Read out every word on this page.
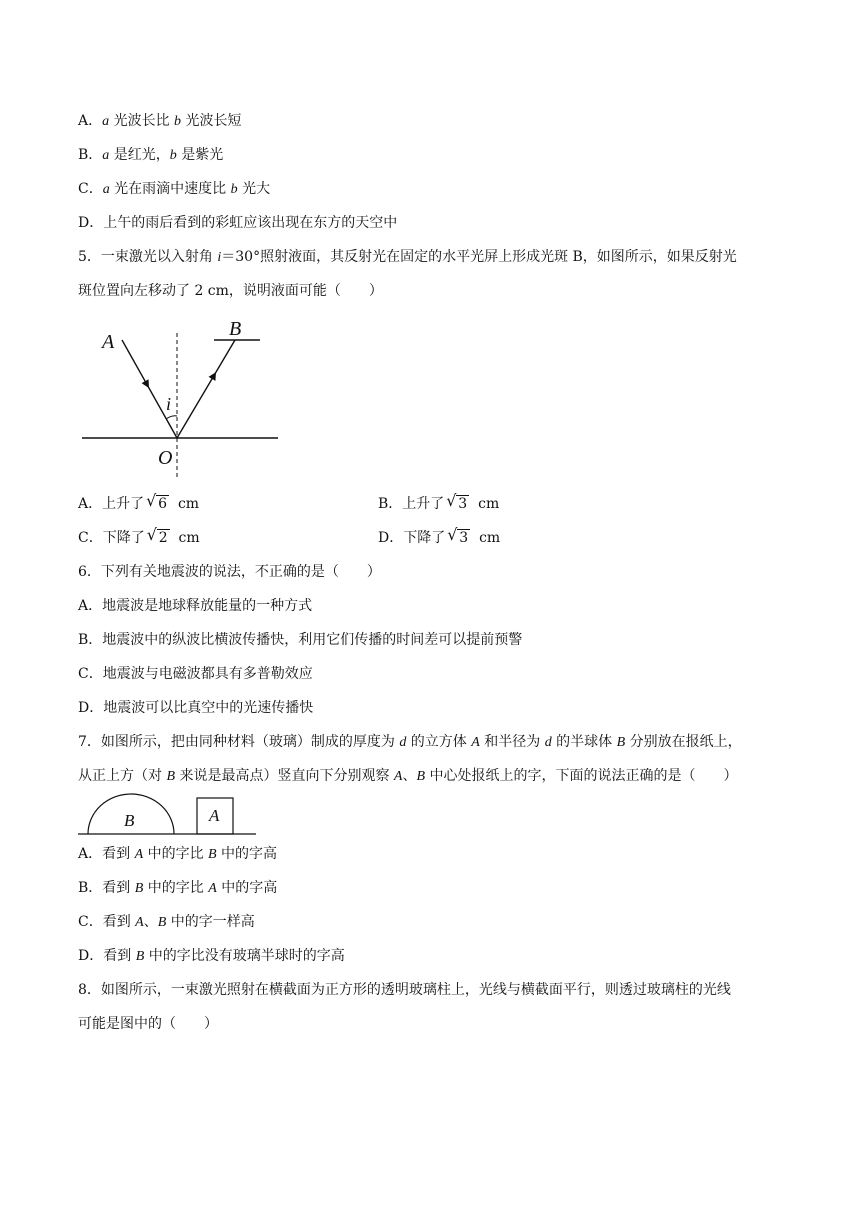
A．a 光波长比 b 光波长短
B．a 是红光，b 是紫光
C．a 光在雨滴中速度比 b 光大
D．上午的雨后看到的彩虹应该出现在东方的天空中
5．一束激光以入射角 i＝30°照射液面，其反射光在固定的水平光屏上形成光斑 B，如图所示，如果反射光
斑位置向左移动了 2 cm，说明液面可能（　　）
A
B
i
O
A．上升了 √ 6 cm	B．上升了 √ 3 cm
C．下降了 √ 2 cm	D．下降了 √ 3 cm
6．下列有关地震波的说法，不正确的是（　　）
A．地震波是地球释放能量的一种方式
B．地震波中的纵波比横波传播快，利用它们传播的时间差可以提前预警
C．地震波与电磁波都具有多普勒效应
D．地震波可以比真空中的光速传播快
7．如图所示，把由同种材料（玻璃）制成的厚度为 d 的立方体 A 和半径为 d 的半球体 B 分别放在报纸上，
从正上方（对 B 来说是最高点）竖直向下分别观察 A、B 中心处报纸上的字，下面的说法正确的是（　　）
B	A
A．看到 A 中的字比 B 中的字高
B．看到 B 中的字比 A 中的字高
C．看到 A、B 中的字一样高
D．看到 B 中的字比没有玻璃半球时的字高
8．如图所示，一束激光照射在横截面为正方形的透明玻璃柱上，光线与横截面平行，则透过玻璃柱的光线
可能是图中的（　　）
